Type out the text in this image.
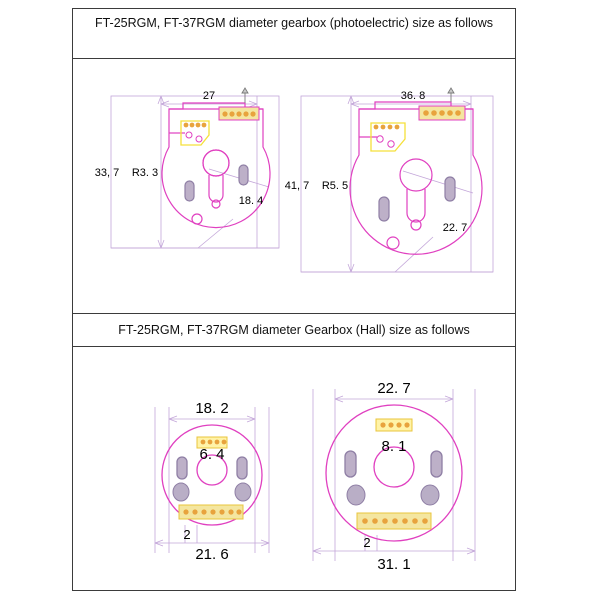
FT-25RGM, FT-37RGM diameter gearbox (photoelectric) size as follows
27
33, 7 R3. 3
18. 4
36. 8
41, 7 R5. 5
22. 7
FT-25RGM, FT-37RGM diameter Gearbox (Hall) size as follows
18. 2
6. 4
21. 6
2
22. 7
8. 1
31. 1
2
